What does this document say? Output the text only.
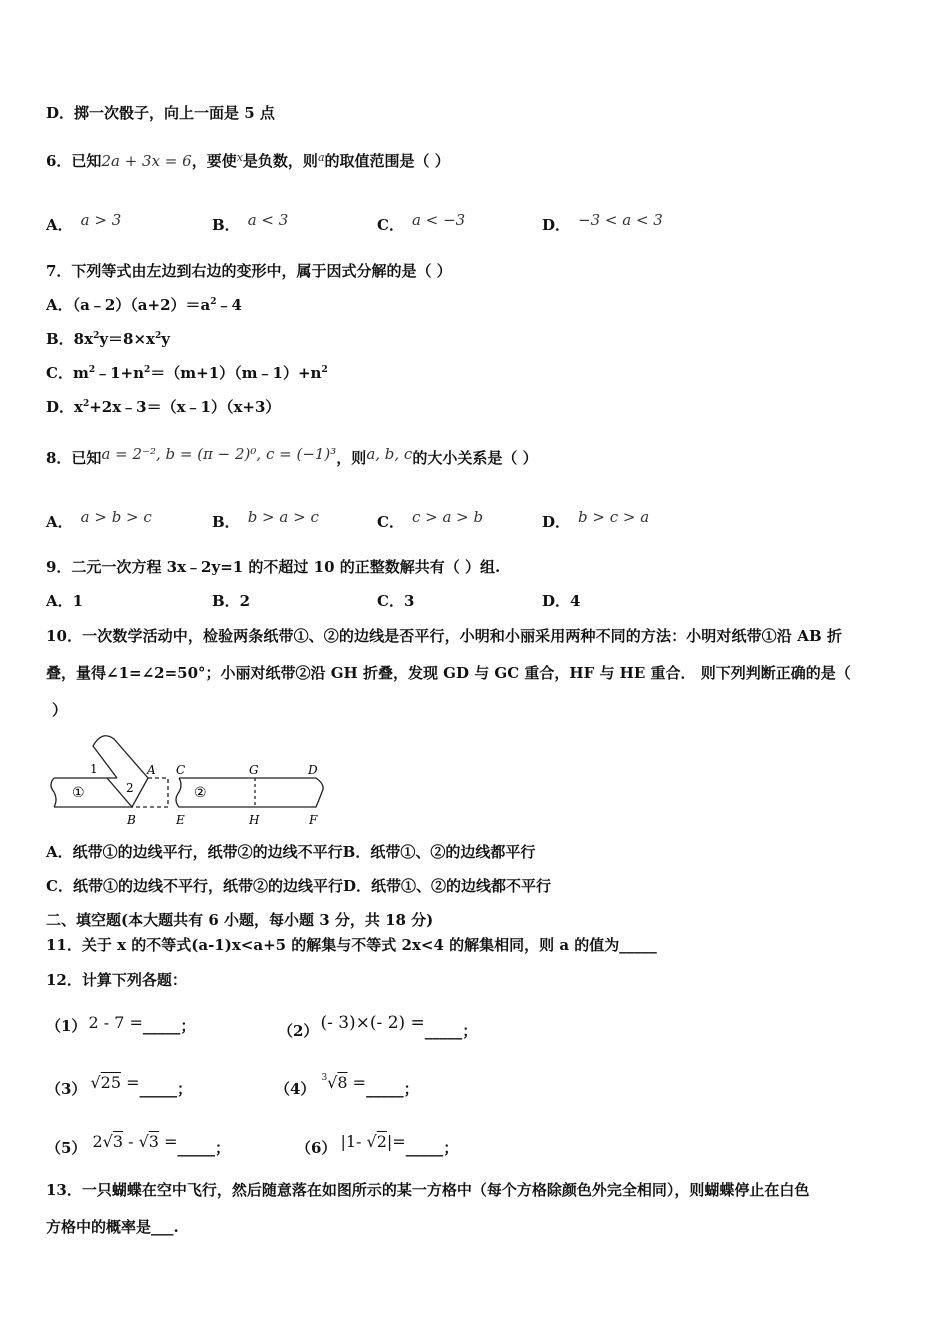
D．掷一次骰子，向上一面是 5 点
6．已知2a + 3x = 6，要使$^x$是负数，则$^a$的取值范围是（ ）
A． a > 3	B． a < 3	C． a < −3	D． −3 < a < 3
7．下列等式由左边到右边的变形中，属于因式分解的是（ ）
A．$(a﹣2)(a+2)=a^2﹣4$
B．$8x^2y=8\times x^2y$
C．$m^2﹣1+n^2=(m+1)(m﹣1)+n^2$
D．$x^2+2x﹣3=(x﹣1)(x+3)$
8．已知a = 2⁻², b = (π − 2)⁰, c = (−1)³，则a, b, c的大小关系是（ ）
A． a > b > c	B． b > a > c	C． c > a > b	D． b > c > a
9．二元一次方程 3x﹣2y=1 的不超过 10 的正整数解共有（ ）组.
A．1	B．2	C．3	D．4
10．一次数学活动中，检验两条纸带①、②的边线是否平行，小明和小丽采用两种不同的方法：小明对纸带①沿 AB 折
叠，量得∠1=∠2=50°；小丽对纸带②沿 GH 折叠，发现 GD 与 GC 重合，HF 与 HE 重合． 则下列判断正确的是（
）
①	②
A
B
1
2
C	G	D
E	H	F
A．纸带①的边线平行，纸带②的边线不平行B．纸带①、②的边线都平行
C．纸带①的边线不平行，纸带②的边线平行D．纸带①、②的边线都不平行
二、填空题(本大题共有 6 小题，每小题 3 分，共 18 分)
11．关于 x 的不等式(a-1)x<a+5 的解集与不等式 2x<4 的解集相同，则 a 的值为_____
12．计算下列各题：
（1） 2 - 7 =_____；	（2） (- 3)×(- 2) =_____；
（3） √25 =_____；	$(4)^3√8$ =_____；
（5） 2√3 - √3 =_____；	（6） |1- √2|=_____；
13．一只蝴蝶在空中飞行，然后随意落在如图所示的某一方格中（每个方格除颜色外完全相同），则蝴蝶停止在白色
方格中的概率是___.
